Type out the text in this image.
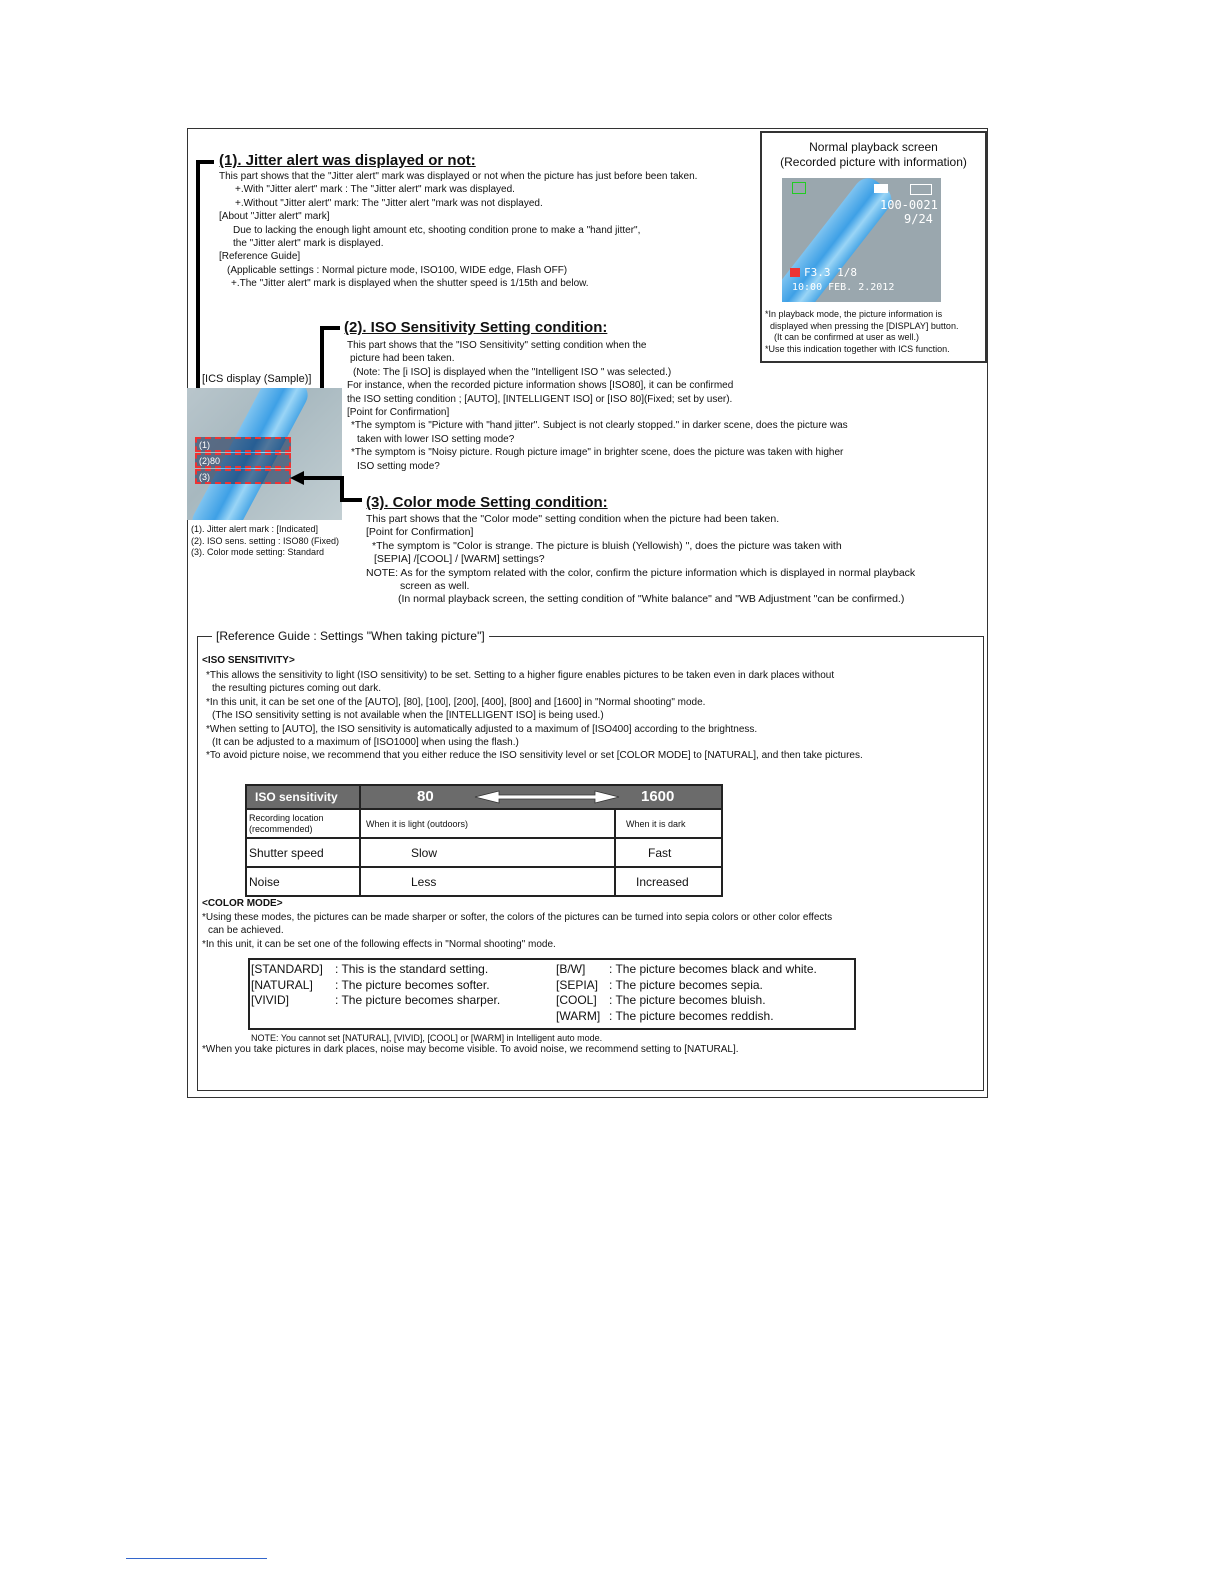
(1). Jitter alert was displayed or not:
This part shows that the "Jitter alert" mark was displayed or not when the picture has just before been taken.
+.With "Jitter alert" mark : The "Jitter alert" mark was displayed.
+.Without "Jitter alert" mark: The "Jitter alert "mark was not displayed.
[About "Jitter alert" mark]
Due to lacking the enough light amount etc, shooting condition prone to make a "hand jitter",
the "Jitter alert" mark is displayed.
[Reference Guide]
(Applicable settings : Normal picture mode, ISO100, WIDE edge, Flash OFF)
+.The "Jitter alert" mark is displayed when the shutter speed is 1/15th and below.
Normal playback screen
(Recorded picture with information)
100-0021
9/24
F3.3 1/8
10:00 FEB. 2.2012
*In playback mode, the picture information is
displayed when pressing the [DISPLAY] button.
(It can be confirmed at user as well.)
*Use this indication together with ICS function.
(2). ISO Sensitivity Setting condition:
This part shows that the "ISO Sensitivity" setting condition when the
picture had been taken.
(Note: The [i ISO] is displayed when the "Intelligent ISO " was selected.)
For instance, when the recorded picture information shows [ISO80], it can be confirmed
the ISO setting condition ; [AUTO], [INTELLIGENT ISO] or [ISO 80](Fixed; set by user).
[Point for Confirmation]
*The symptom is "Picture with "hand jitter". Subject is not clearly stopped." in darker scene, does the picture was
taken with lower ISO setting mode?
*The symptom is "Noisy picture. Rough picture image" in brighter scene, does the picture was taken with higher
ISO setting mode?
[ICS display (Sample)]
(1)
(2)80
(3)
(1). Jitter alert mark : [Indicated]
(2). ISO sens. setting : ISO80 (Fixed)
(3). Color mode setting: Standard
(3). Color mode Setting condition:
This part shows that the "Color mode" setting condition when the picture had been taken.
[Point for Confirmation]
*The symptom is "Color is strange. The picture is bluish (Yellowish) ", does the picture was taken with
[SEPIA] /[COOL] / [WARM] settings?
NOTE: As for the symptom related with the color, confirm the picture information which is displayed in normal playback
screen as well.
(In normal playback screen, the setting condition of "White balance" and "WB Adjustment "can be confirmed.)
[Reference Guide : Settings "When taking picture"]
<ISO SENSITIVITY>
*This allows the sensitivity to light (ISO sensitivity) to be set. Setting to a higher figure enables pictures to be taken even in dark places without
the resulting pictures coming out dark.
*In this unit, it can be set one of the [AUTO], [80], [100], [200], [400], [800] and [1600] in "Normal shooting" mode.
(The ISO sensitivity setting is not available when the [INTELLIGENT ISO] is being used.)
*When setting to [AUTO], the ISO sensitivity is automatically adjusted to a maximum of [ISO400] according to the brightness.
(It can be adjusted to a maximum of [ISO1000] when using the flash.)
*To avoid picture noise, we recommend that you either reduce the ISO sensitivity level or set [COLOR MODE] to [NATURAL], and then take pictures.
ISO sensitivity	80 1600	

Recording location (recommended)	When it is light (outdoors)	When it is dark
Shutter speed	Slow	Fast
Noise	Less	Increased
<COLOR MODE>
*Using these modes, the pictures can be made sharper or softer, the colors of the pictures can be turned into sepia colors or other color effects
can be achieved.
*In this unit, it can be set one of the following effects in "Normal shooting" mode.
[STANDARD] : This is the standard setting.
[NATURAL] : The picture becomes softer.
[VIVID]	: The picture becomes sharper.
[B/W] : The picture becomes black and white.
[SEPIA] : The picture becomes sepia.
[COOL] : The picture becomes bluish.
[WARM] : The picture becomes reddish.
NOTE: You cannot set [NATURAL], [VIVID], [COOL] or [WARM] in Intelligent auto mode.
*When you take pictures in dark places, noise may become visible. To avoid noise, we recommend setting to [NATURAL].
